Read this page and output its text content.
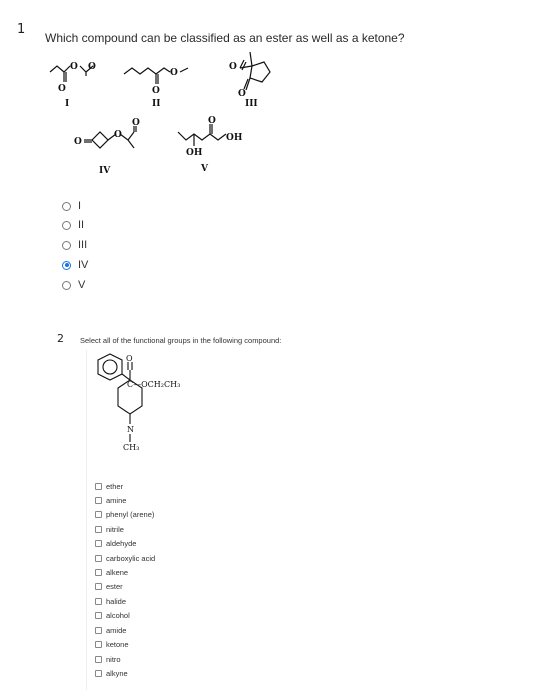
1
Which compound can be classified as an ester as well as a ketone?
O O
O
O
O
O
O
O
O
O	O
OH
OH
I	II	III
IV	V
I
II
III
IV
V
2 Select all of the functional groups in the following compound:
O
C—OCH₂CH₃
N
CH₃
ether
amine
phenyl (arene)
nitrile
aldehyde
carboxylic acid
alkene
ester
halide
alcohol
amide
ketone
nitro
alkyne
